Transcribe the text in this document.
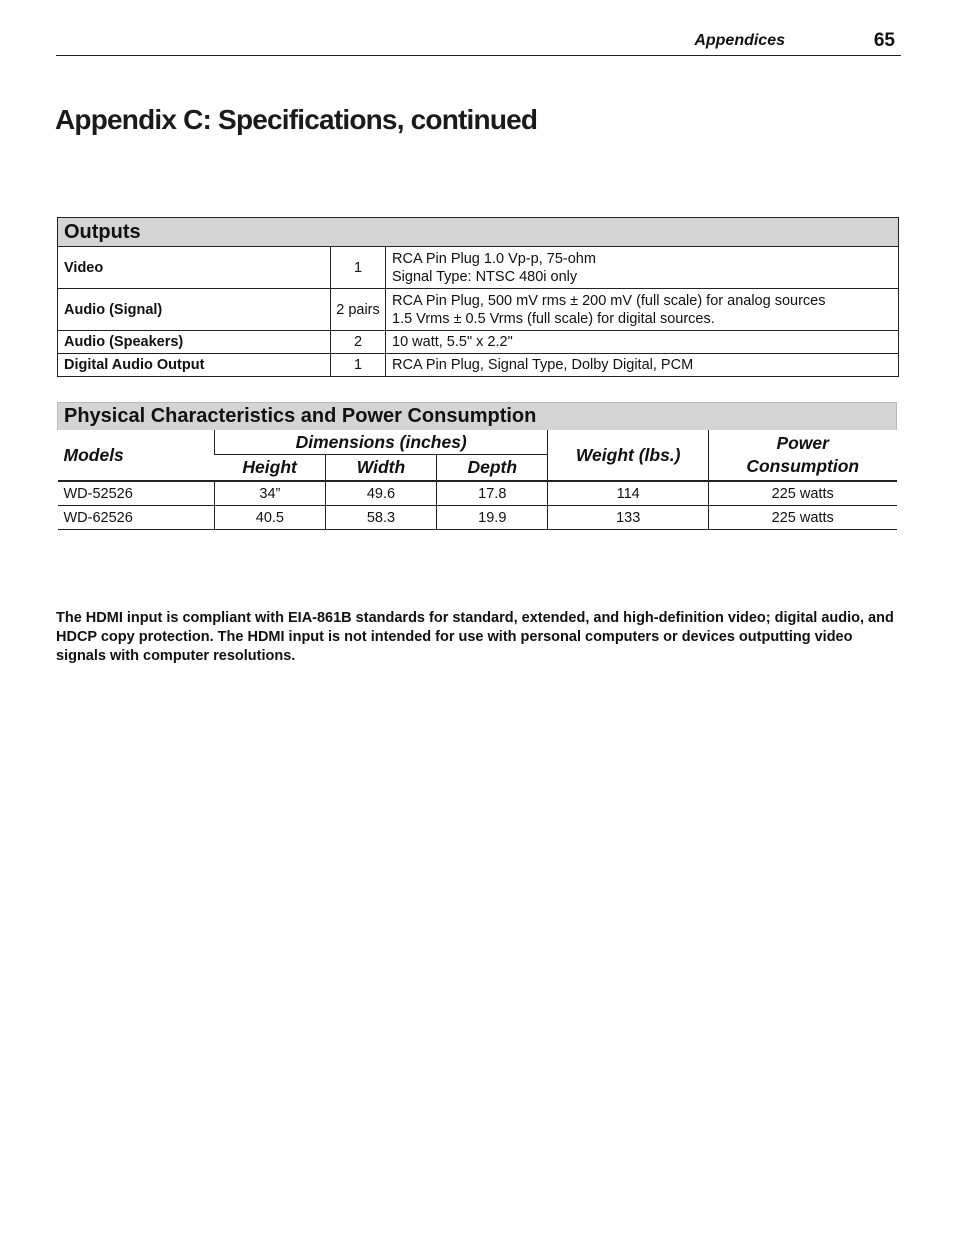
Appendices	65
Appendix C: Specifications, continued
Outputs		
Video	1	RCA Pin Plug 1.0 Vp-p, 75-ohm
Signal Type: NTSC 480i only

Audio (Signal)	2 pairs	RCA Pin Plug, 500 mV rms ± 200 mV (full scale) for analog sources
1.5 Vrms ± 0.5 Vrms (full scale) for digital sources.

Audio (Speakers)	2	10 watt, 5.5" x 2.2"

Digital Audio Output	1	RCA Pin Plug, Signal Type, Dolby Digital, PCM
Physical Characteristics and Power Consumption					
Models	Dimensions (inches)			Weight (lbs.)	Power
Consumption

	Height	Width	Depth		
WD-52526	34”	49.6	17.8	114	225 watts
WD-62526	40.5	58.3	19.9	133	225 watts

The HDMI input is compliant with EIA-861B standards for standard, extended, and high-definition video; digital audio, and HDCP copy protection. The HDMI input is not intended for use with personal computers or devices outputting video signals with computer resolutions.
